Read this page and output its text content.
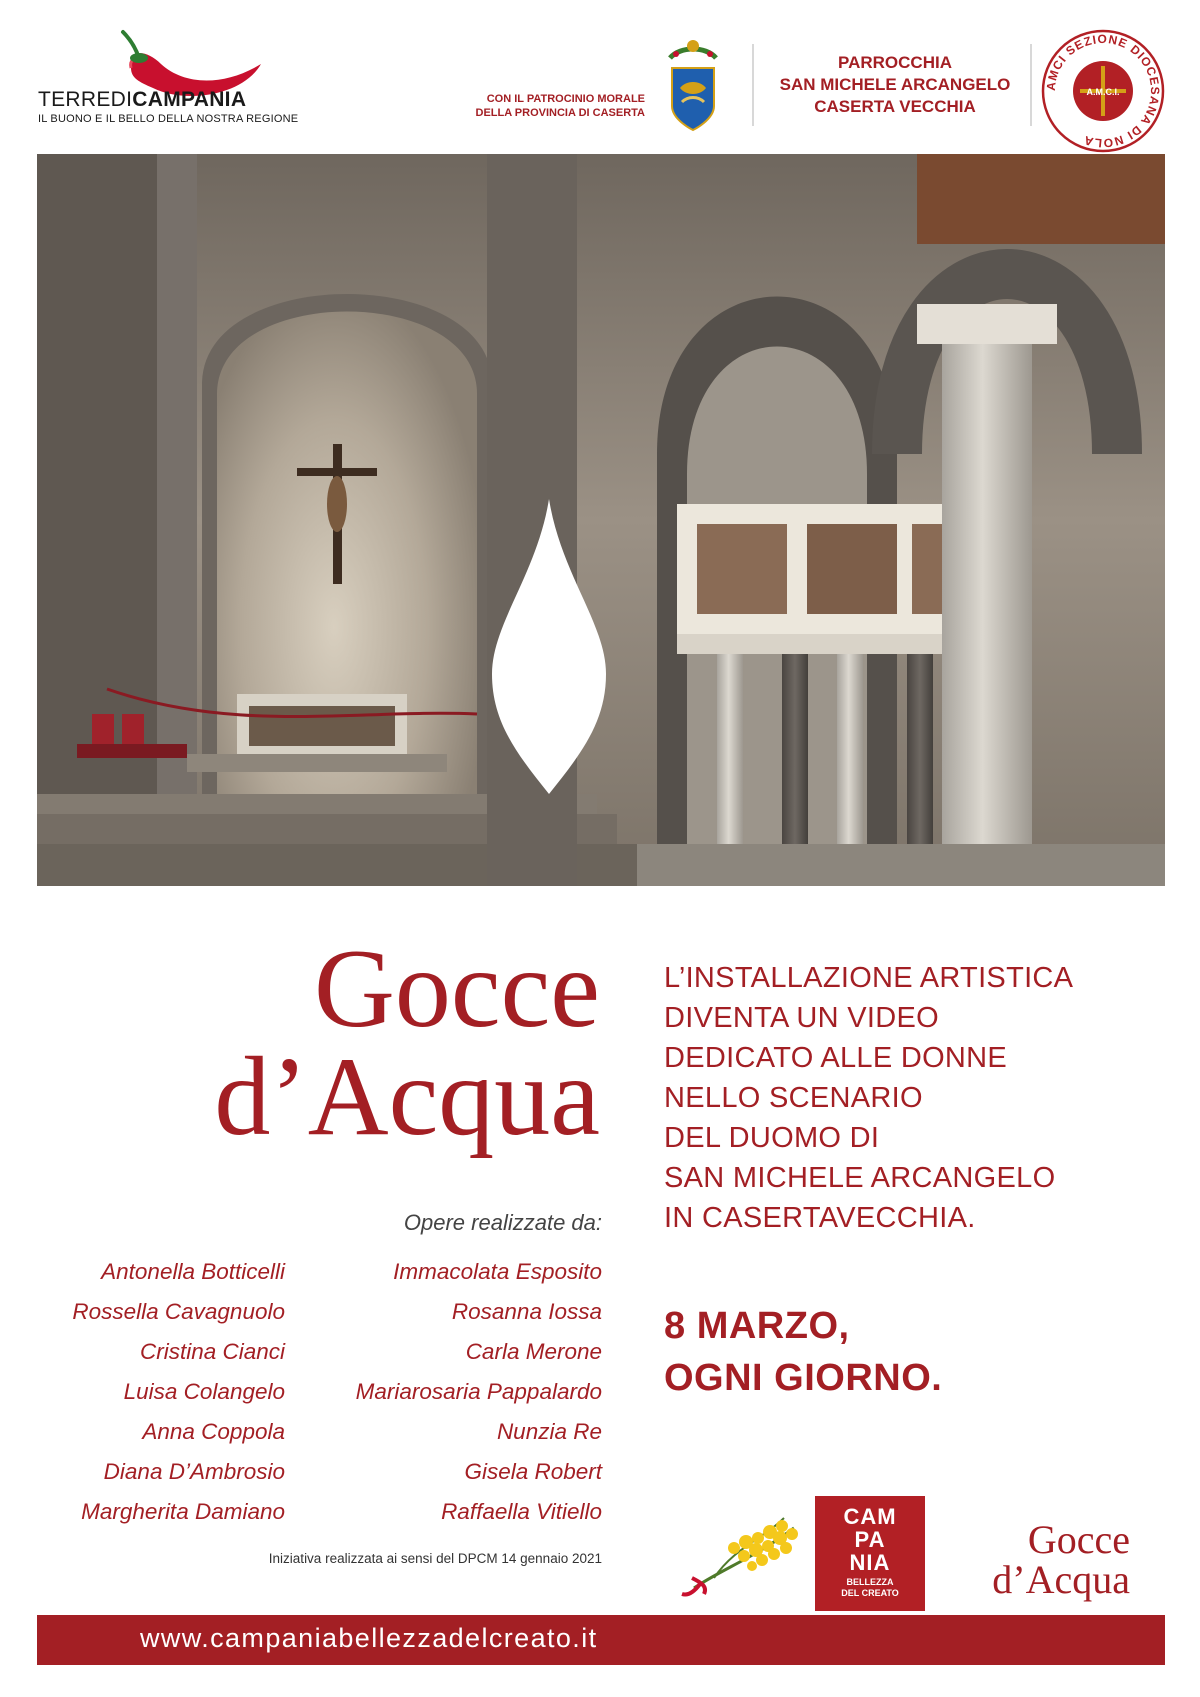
TERREDICAMPANIA
IL BUONO E IL BELLO DELLA NOSTRA REGIONE
CON IL PATROCINIO MORALE
DELLA PROVINCIA DI CASERTA
PARROCCHIA
SAN MICHELE ARCANGELO
CASERTA VECCHIA
AMCI SEZIONE DIOCESANA DI NOLA
A.M.C.I.
Gocce
d’Acqua
L’INSTALLAZIONE ARTISTICA
DIVENTA UN VIDEO
DEDICATO ALLE DONNE
NELLO SCENARIO
DEL DUOMO DI
SAN MICHELE ARCANGELO
IN CASERTAVECCHIA.
8 MARZO,
OGNI GIORNO.
Opere realizzate da:
Antonella Botticelli
Rossella Cavagnuolo
Cristina Cianci
Luisa Colangelo
Anna Coppola
Diana D’Ambrosio
Margherita Damiano
Immacolata Esposito
Rosanna Iossa
Carla Merone
Mariarosaria Pappalardo
Nunzia Re
Gisela Robert
Raffaella Vitiello
Iniziativa realizzata ai sensi del DPCM 14 gennaio 2021
CAM
PA
NIA
BELLEZZA
DEL CREATO
Gocce
d’Acqua
www.campaniabellezzadelcreato.it
